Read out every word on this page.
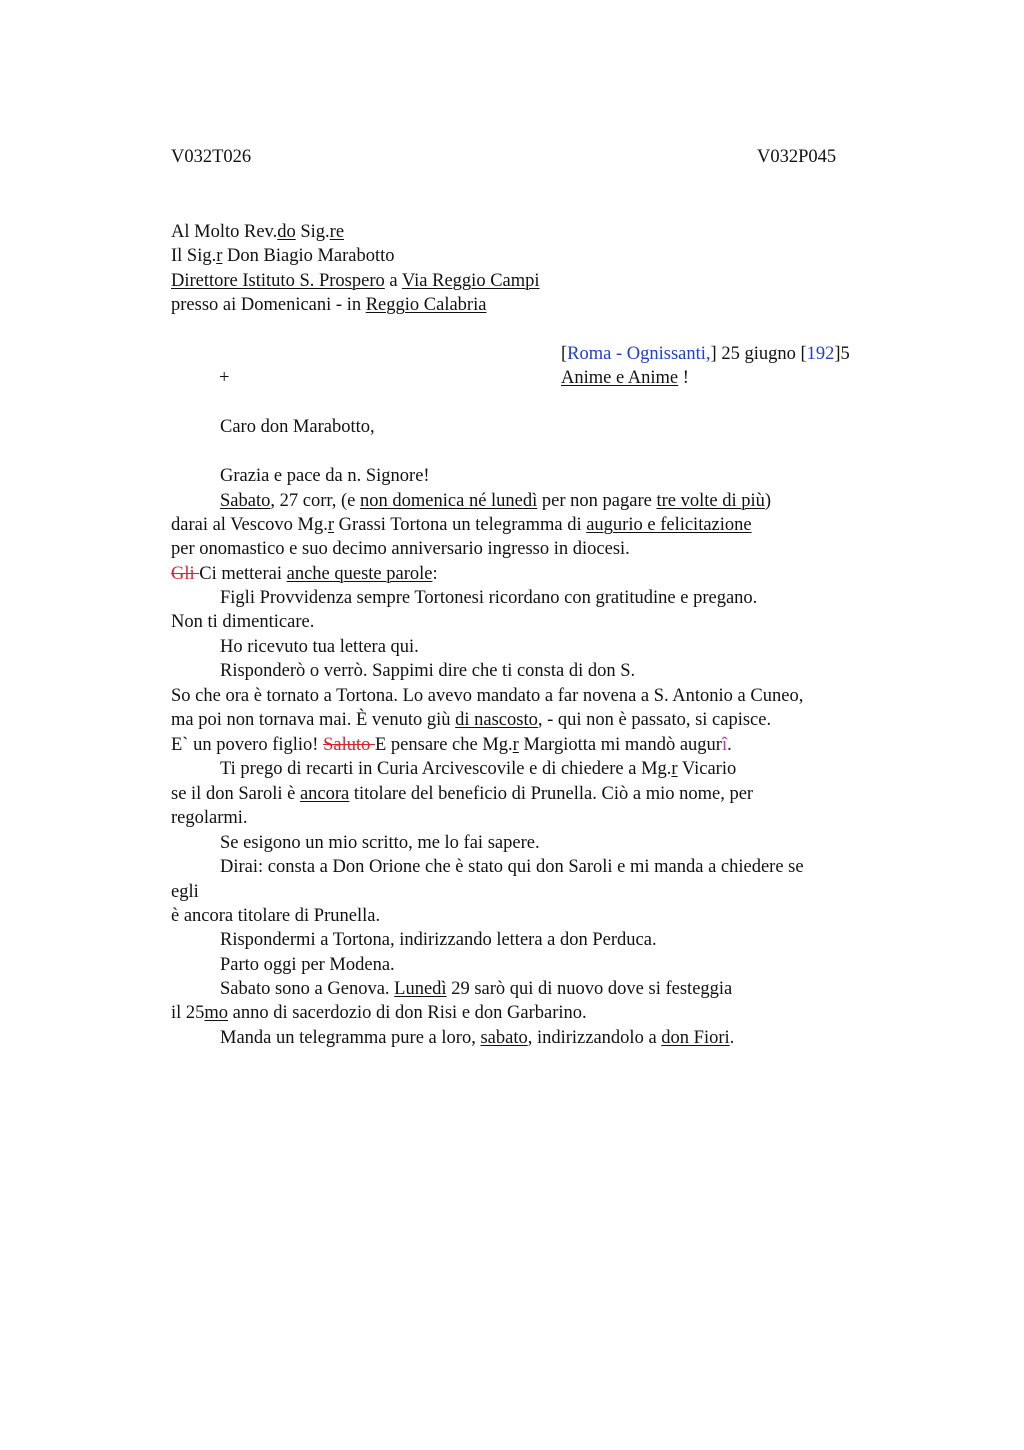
V032T026	V032P045
Al Molto Rev.do Sig.re
Il Sig.r Don Biagio Marabotto
Direttore Istituto S. Prospero a Via Reggio Campi
presso ai Domenicani - in Reggio Calabria
[Roma - Ognissanti,] 25 giugno [192]5
+	Anime e Anime !
Caro don Marabotto,
Grazia e pace da n. Signore!
Sabato, 27 corr, (e non domenica né lunedì per non pagare tre volte di più)
darai al Vescovo Mg.r Grassi Tortona un telegramma di augurio e felicitazione
per onomastico e suo decimo anniversario ingresso in diocesi.
Gli Ci metterai anche queste parole:
Figli Provvidenza sempre Tortonesi ricordano con gratitudine e pregano.
Non ti dimenticare.
Ho ricevuto tua lettera qui.
Risponderò o verrò. Sappimi dire che ti consta di don S.
So che ora è tornato a Tortona. Lo avevo mandato a far novena a S. Antonio a Cuneo,
ma poi non tornava mai. È venuto giù di nascosto, - qui non è passato, si capisce.
E` un povero figlio! Saluto E pensare che Mg.r Margiotta mi mandò augurî.
Ti prego di recarti in Curia Arcivescovile e di chiedere a Mg.r Vicario
se il don Saroli è ancora titolare del beneficio di Prunella. Ciò a mio nome, per
regolarmi.
Se esigono un mio scritto, me lo fai sapere.
Dirai: consta a Don Orione che è stato qui don Saroli e mi manda a chiedere se
egli
è ancora titolare di Prunella.
Rispondermi a Tortona, indirizzando lettera a don Perduca.
Parto oggi per Modena.
Sabato sono a Genova. Lunedì 29 sarò qui di nuovo dove si festeggia
il 25mo anno di sacerdozio di don Risi e don Garbarino.
Manda un telegramma pure a loro, sabato, indirizzandolo a don Fiori.
